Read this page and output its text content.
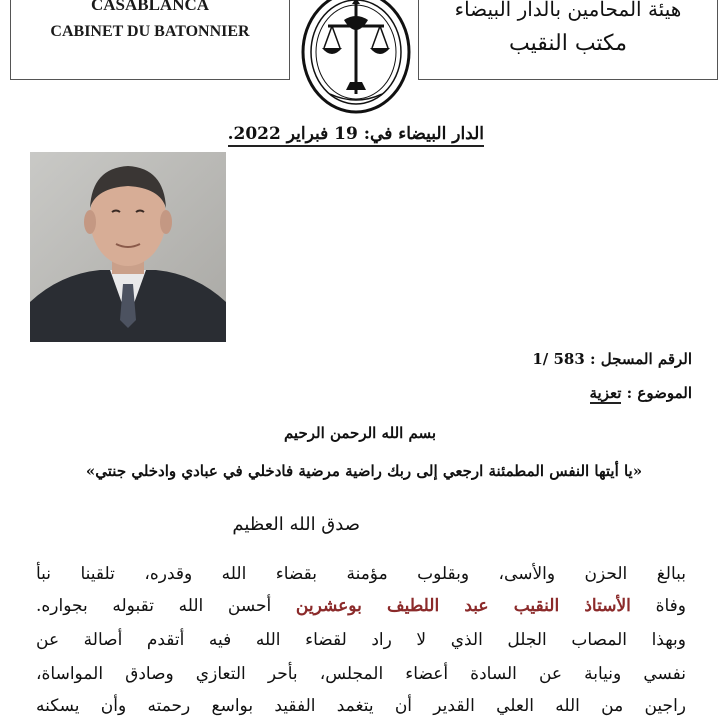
CASABLANCA
CABINET DU BATONNIER
هيئة المحامين بالدار البيضاء
مكتب النقيب
الدار البيضاء في: 19 فبراير 2022.
الرقم المسجل : 583 /1
الموضوع : تعزية
بسم الله الرحمن الرحيم
«يا أيتها النفس المطمئنة ارجعي إلى ربك راضية مرضية فادخلي في عبادي وادخلي جنتي»
صدق الله العظيم
ببالغ الحزن والأسى، وبقلوب مؤمنة بقضاء الله وقدره، تلقينا نبأ
وفاة الأستاذ النقيب عبد اللطيف بوعشرين أحسن الله تقبوله بجواره.
وبهذا المصاب الجلل الذي لا راد لقضاء الله فيه أتقدم أصالة عن
نفسي ونيابة عن السادة أعضاء المجلس، بأحر التعازي وصادق المواساة،
راجين من الله العلي القدير أن يتغمد الفقيد بواسع رحمته وأن يسكنه
